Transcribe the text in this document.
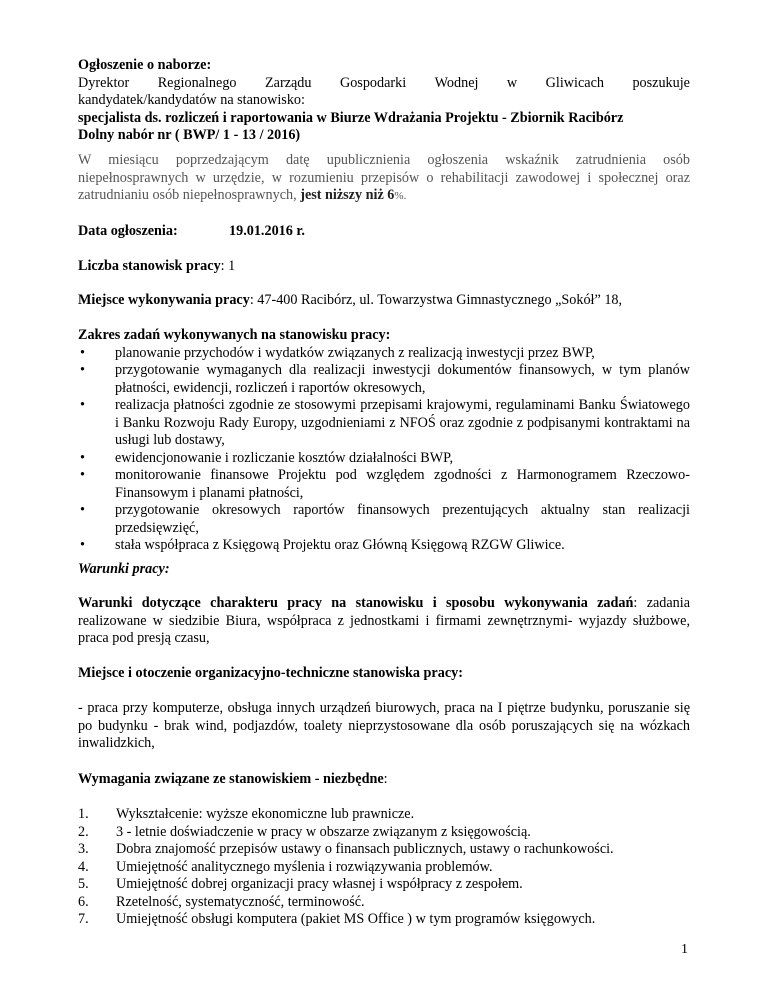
Ogłoszenie o naborze:
Dyrektor Regionalnego Zarządu Gospodarki Wodnej w Gliwicach poszukuje
kandydatek/kandydatów na stanowisko:
specjalista ds. rozliczeń i raportowania w Biurze Wdrażania Projektu - Zbiornik Racibórz
Dolny nabór nr ( BWP/ 1 - 13 / 2016)
W miesiącu poprzedzającym datę upublicznienia ogłoszenia wskaźnik zatrudnienia osób niepełnosprawnych w urzędzie, w rozumieniu przepisów o rehabilitacji zawodowej i społecznej oraz zatrudnianiu osób niepełnosprawnych, jest niższy niż 6%.
Data ogłoszenia:	19.01.2016 r.
Liczba stanowisk pracy: 1
Miejsce wykonywania pracy: 47-400 Racibórz, ul. Towarzystwa Gimnastycznego „Sokół” 18,
Zakres zadań wykonywanych na stanowisku pracy:
• planowanie przychodów i wydatków związanych z realizacją inwestycji przez BWP,
• przygotowanie wymaganych dla realizacji inwestycji dokumentów finansowych, w tym planów płatności, ewidencji, rozliczeń i raportów okresowych,
• realizacja płatności zgodnie ze stosowymi przepisami krajowymi, regulaminami Banku Światowego i Banku Rozwoju Rady Europy, uzgodnieniami z NFOŚ oraz zgodnie z podpisanymi kontraktami na usługi lub dostawy,
• ewidencjonowanie i rozliczanie kosztów działalności BWP,
• monitorowanie finansowe Projektu pod względem zgodności z Harmonogramem Rzeczowo-Finansowym i planami płatności,
• przygotowanie okresowych raportów finansowych prezentujących aktualny stan realizacji przedsięwzięć,
• stała współpraca z Księgową Projektu oraz Główną Księgową RZGW Gliwice.
Warunki pracy:
Warunki dotyczące charakteru pracy na stanowisku i sposobu wykonywania zadań: zadania realizowane w siedzibie Biura, współpraca z jednostkami i firmami zewnętrznymi- wyjazdy służbowe, praca pod presją czasu,
Miejsce i otoczenie organizacyjno-techniczne stanowiska pracy:
- praca przy komputerze, obsługa innych urządzeń biurowych, praca na I piętrze budynku, poruszanie się po budynku - brak wind, podjazdów, toalety nieprzystosowane dla osób poruszających się na wózkach inwalidzkich,
Wymagania związane ze stanowiskiem - niezbędne:
1. Wykształcenie: wyższe ekonomiczne lub prawnicze.
2. 3 - letnie doświadczenie w pracy w obszarze związanym z księgowością.
3. Dobra znajomość przepisów ustawy o finansach publicznych, ustawy o rachunkowości.
4. Umiejętność analitycznego myślenia i rozwiązywania problemów.
5. Umiejętność dobrej organizacji pracy własnej i współpracy z zespołem.
6. Rzetelność, systematyczność, terminowość.
7. Umiejętność obsługi komputera (pakiet MS Office ) w tym programów księgowych.
1
